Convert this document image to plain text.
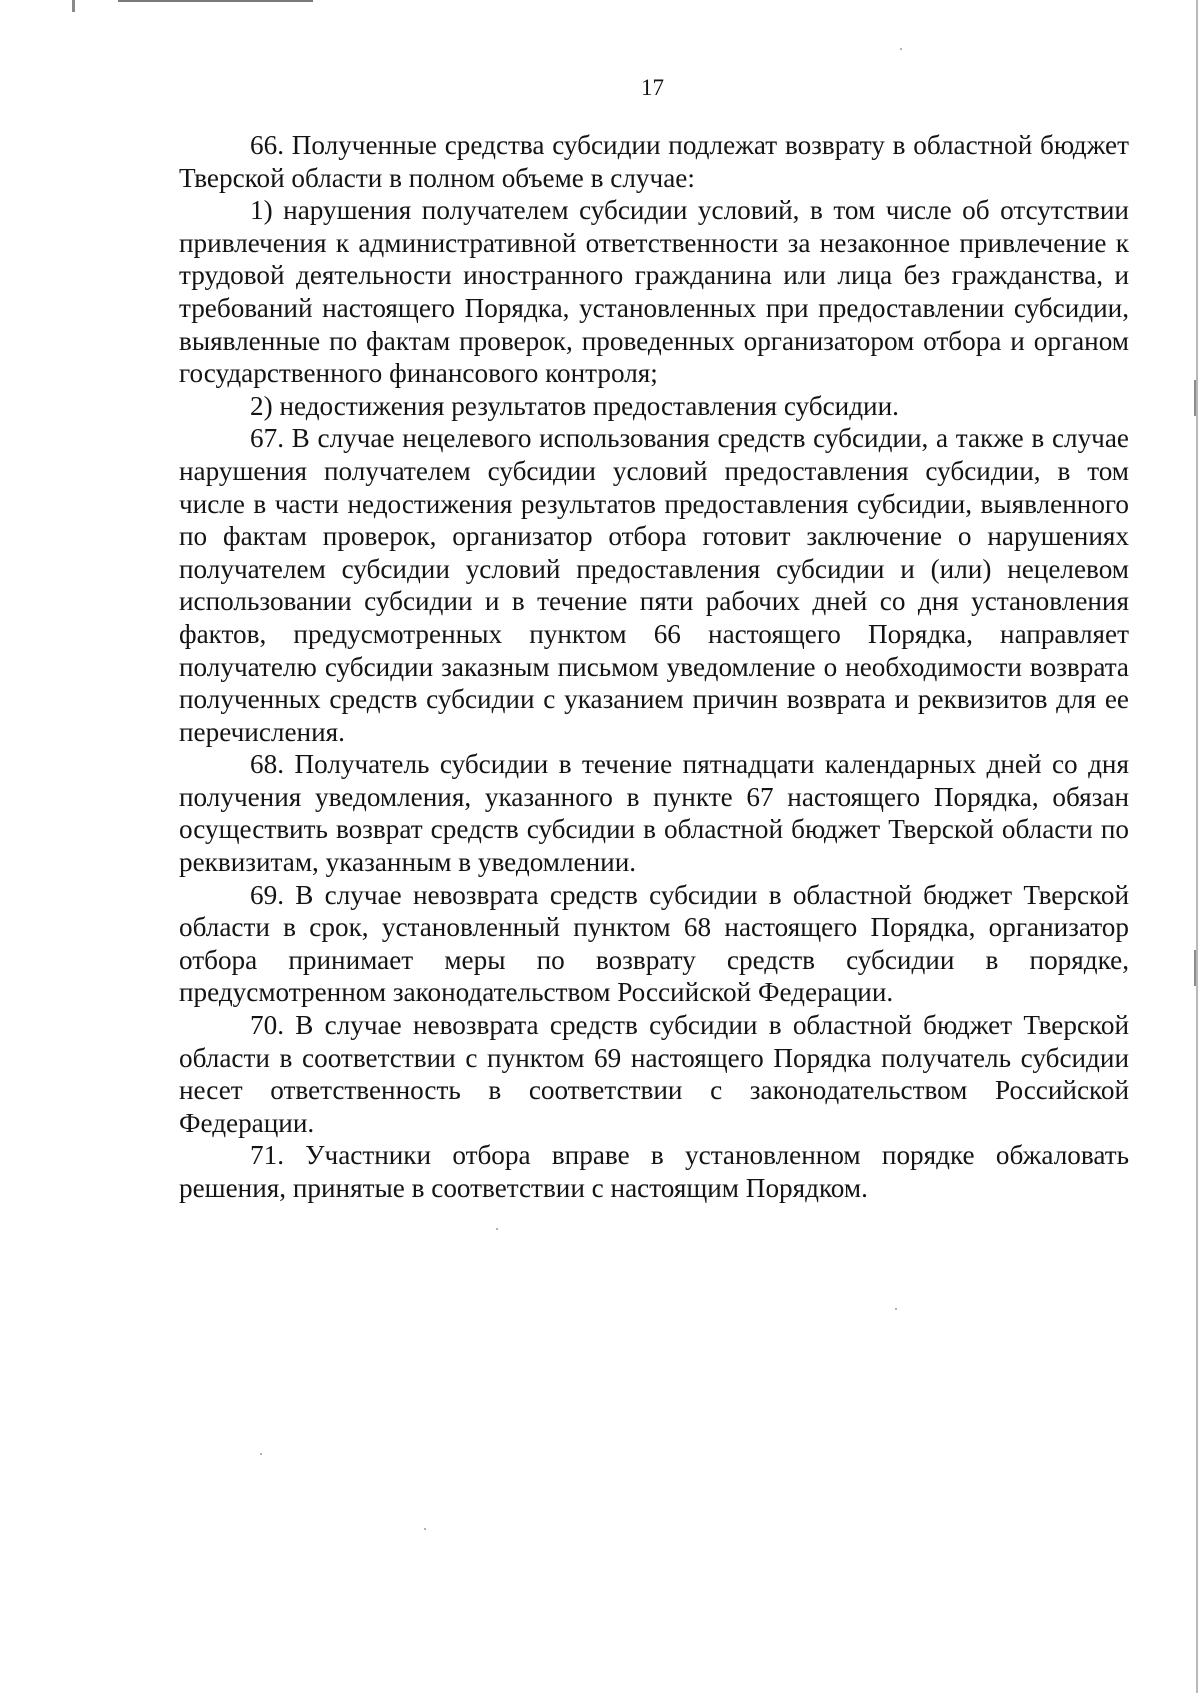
17

66. Полученные средства субсидии подлежат возврату в областной бюджет Тверской области в полном объеме в случае:

1) нарушения получателем субсидии условий, в том числе об отсутствии привлечения к административной ответственности за незаконное привлечение к трудовой деятельности иностранного гражданина или лица без гражданства, и требований настоящего Порядка, установленных при предоставлении субсидии, выявленные по фактам проверок, проведенных организатором отбора и органом государственного финансового контроля;

2) недостижения результатов предоставления субсидии.

67. В случае нецелевого использования средств субсидии, а также в случае нарушения получателем субсидии условий предоставления субсидии, в том числе в части недостижения результатов предоставления субсидии, выявленного по фактам проверок, организатор отбора готовит заключение о нарушениях получателем субсидии условий предоставления субсидии и (или) нецелевом использовании субсидии и в течение пяти рабочих дней со дня установления фактов, предусмотренных пунктом 66 настоящего Порядка, направляет получателю субсидии заказным письмом уведомление о необходимости возврата полученных средств субсидии с указанием причин возврата и реквизитов для ее перечисления.

68. Получатель субсидии в течение пятнадцати календарных дней со дня получения уведомления, указанного в пункте 67 настоящего Порядка, обязан осуществить возврат средств субсидии в областной бюджет Тверской области по реквизитам, указанным в уведомлении.

69. В случае невозврата средств субсидии в областной бюджет Тверской области в срок, установленный пунктом 68 настоящего Порядка, организатор отбора принимает меры по возврату средств субсидии в порядке, предусмотренном законодательством Российской Федерации.

70. В случае невозврата средств субсидии в областной бюджет Тверской области в соответствии с пунктом 69 настоящего Порядка получатель субсидии несет ответственность в соответствии с законодательством Российской Федерации.

71. Участники отбора вправе в установленном порядке обжаловать решения, принятые в соответствии с настоящим Порядком.
